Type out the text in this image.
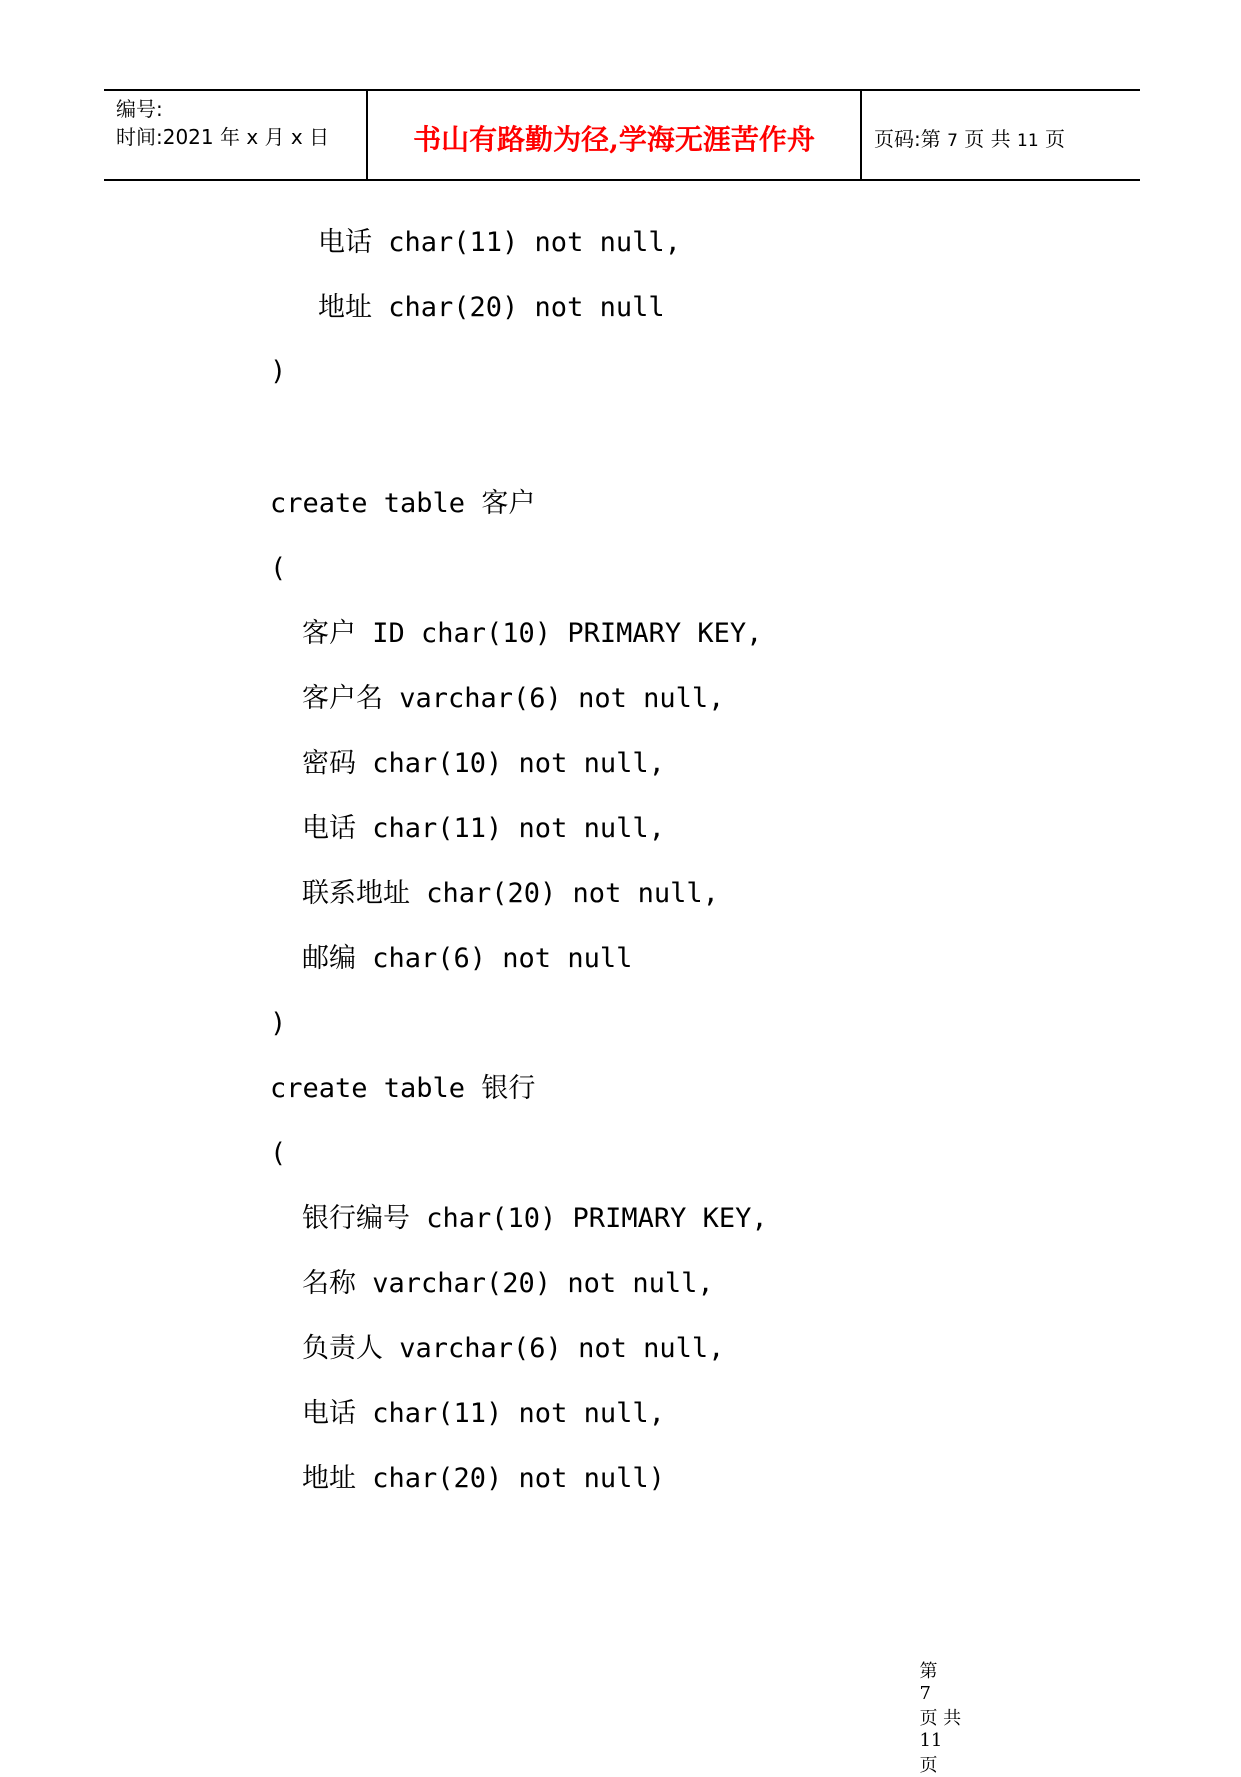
编号:
时间:2021 年 x 月 x 日	书山有路勤为径,学海无涯苦作舟	页码:第 7 页 共 11 页
电话 char(11) not null,
地址 char(20) not null
)
create table 客户
(
客户 ID char(10) PRIMARY KEY,
客户名 varchar(6) not null,
密码 char(10) not null,
电话 char(11) not null,
联系地址 char(20) not null,
邮编 char(6) not null
)
create table 银行
(
银行编号 char(10) PRIMARY KEY,
名称 varchar(20) not null,
负责人 varchar(6) not null,
电话 char(11) not null,
地址 char(20) not null)

第
7
页 共
11
页
